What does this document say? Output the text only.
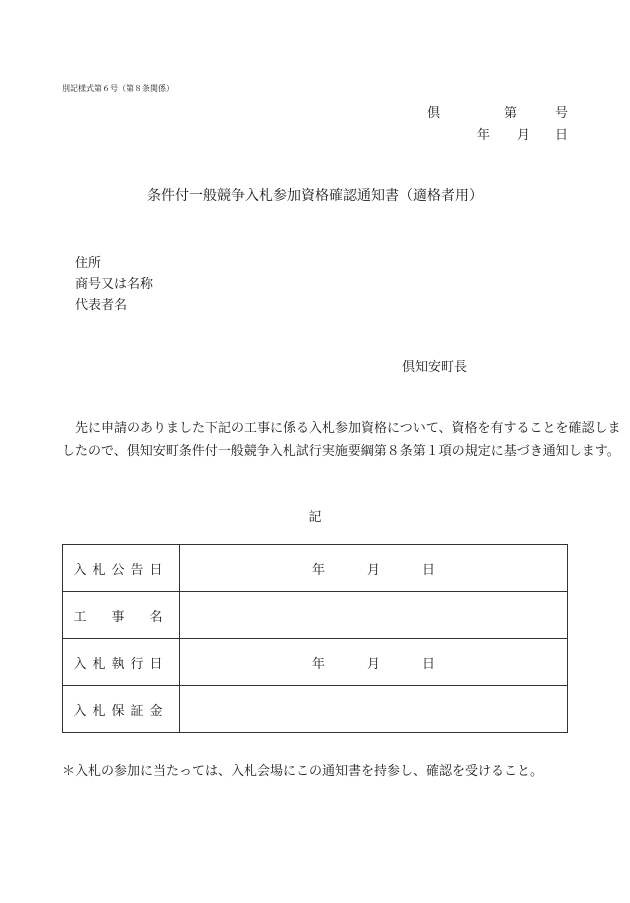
別記様式第６号（第８条関係）
倶	第	号
年 月 日
条件付一般競争入札参加資格確認通知書（適格者用）
住所
商号又は名称
代表者名
倶知安町長

先に申請のありました下記の工事に係る入札参加資格について、資格を有することを確認しま

したので、倶知安町条件付一般競争入札試行実施要綱第８条第１項の規定に基づき通知します。

記
入札公告日	年 月 日
工　事　名	
入札執行日	年 月 日
入札保証金	
＊入札の参加に当たっては、入札会場にこの通知書を持参し、確認を受けること。
